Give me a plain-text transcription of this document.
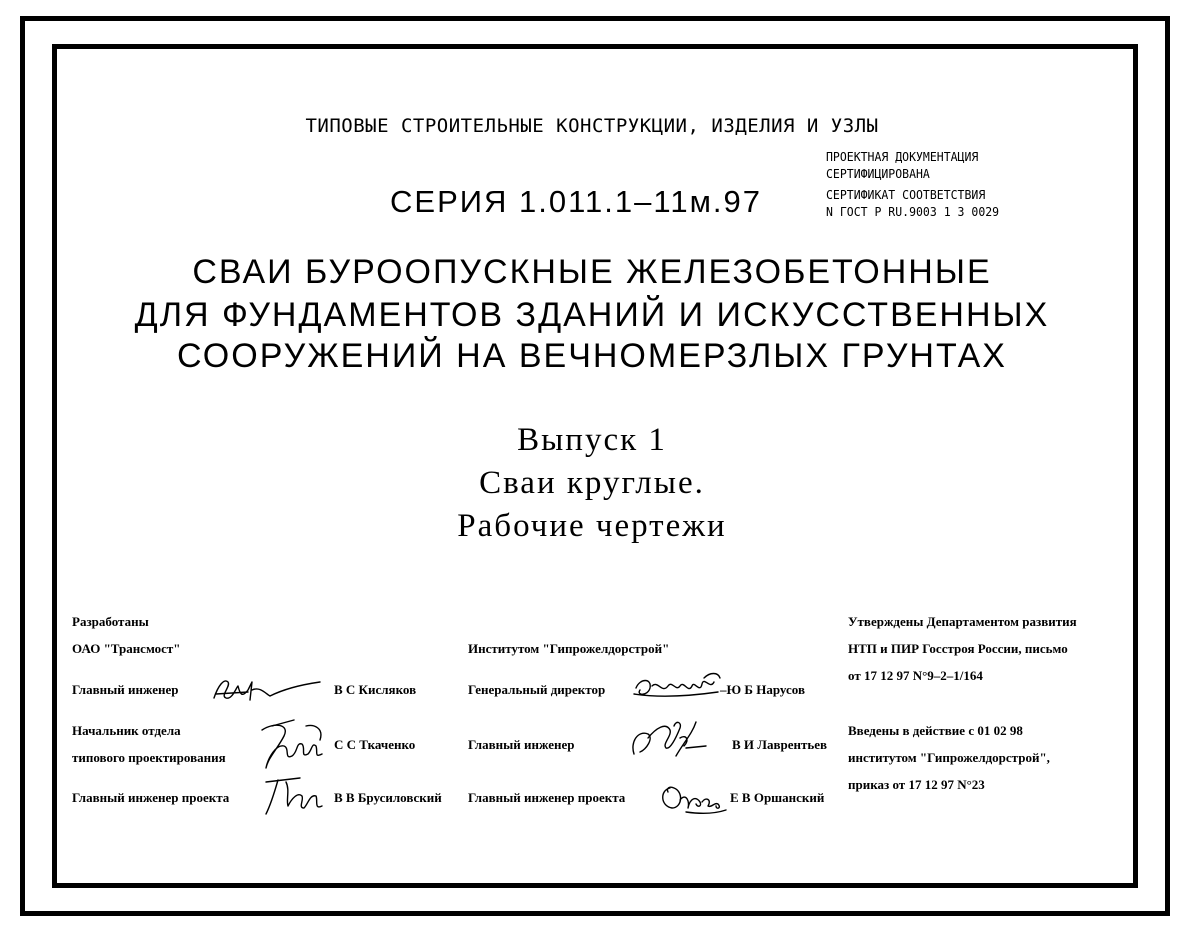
ТИПОВЫЕ СТРОИТЕЛЬНЫЕ КОНСТРУКЦИИ, ИЗДЕЛИЯ И УЗЛЫ
СЕРИЯ 1.011.1–11м.97
ПРОЕКТНАЯ ДОКУМЕНТАЦИЯ
СЕРТИФИЦИРОВАНА
СЕРТИФИКАТ СООТВЕТСТВИЯ
N ГОСТ Р RU.9003 1 3 0029
СВАИ БУРООПУСКНЫЕ ЖЕЛЕЗОБЕТОННЫЕ
ДЛЯ ФУНДАМЕНТОВ ЗДАНИЙ И ИСКУССТВЕННЫХ
СООРУЖЕНИЙ НА ВЕЧНОМЕРЗЛЫХ ГРУНТАХ
Выпуск 1
Сваи круглые.
Рабочие чертежи
Разработаны
ОАО "Трансмост"
Главный инженер	В С Кисляков
Начальник отдела
типового проектирования
С С Ткаченко
Главный инженер проекта	В В Брусиловский
Институтом "Гипрожелдорстрой"
Генеральный директор	–Ю Б Нарусов
Главный инженер	В И Лаврентьев
Главный инженер проекта	Е В Оршанский
Утверждены Департаментом развития
НТП и ПИР Госстроя России, письмо
от 17 12 97 N°9–2–1/164
Введены в действие с 01 02 98
институтом "Гипрожелдорстрой",
приказ от 17 12 97 N°23
